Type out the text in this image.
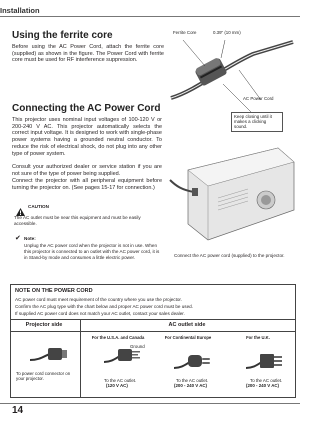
Installation
Using the ferrite core
Before using the AC Power Cord, attach the ferrite core (supplied) as shown in the figure. The Power Cord with ferrite core must be used for RF interference suppression.
Ferrite Core	0.39" (10 mm)
AC Power Cord
Keep closing until it makes a clicking sound.
Connecting the AC Power Cord
This projector uses nominal input voltages of 100-120 V or 200-240 V AC. This projector automatically selects the correct input voltage. It is designed to work with single-phase power systems having a grounded neutral conductor. To reduce the risk of electrical shock, do not plug into any other type of power system.
Consult your authorized dealer or service station if you are not sure of the type of power being supplied.
Connect the projector with all peripheral equipment before turning the projector on. (See pages 15-17 for connection.)
CAUTION
The AC outlet must be near this equipment and must be easily accessible.
✔ Note:
Unplug the AC power cord when the projector is not in use. When this projector is connected to an outlet with the AC power cord, it is in Stand-by mode and consumes a little electric power.	Connect the AC power cord (supplied) to the projector.
NOTE ON THE POWER CORD
AC power cord must meet requirement of the country where you use the projector.
Confirm the AC plug type with the chart below and proper AC power cord must be used.
If supplied AC power cord does not match your AC outlet, contact your sales dealer.
Projector side	AC outlet side
For the U.S.A. and Canada	For Continental Europe	For the U.K.
To power cord connector on your projector.
Ground
To the AC outlet.
(120 V AC)
To the AC outlet.
(200 - 240 V AC)
To the AC outlet.
(200 - 240 V AC)
14
